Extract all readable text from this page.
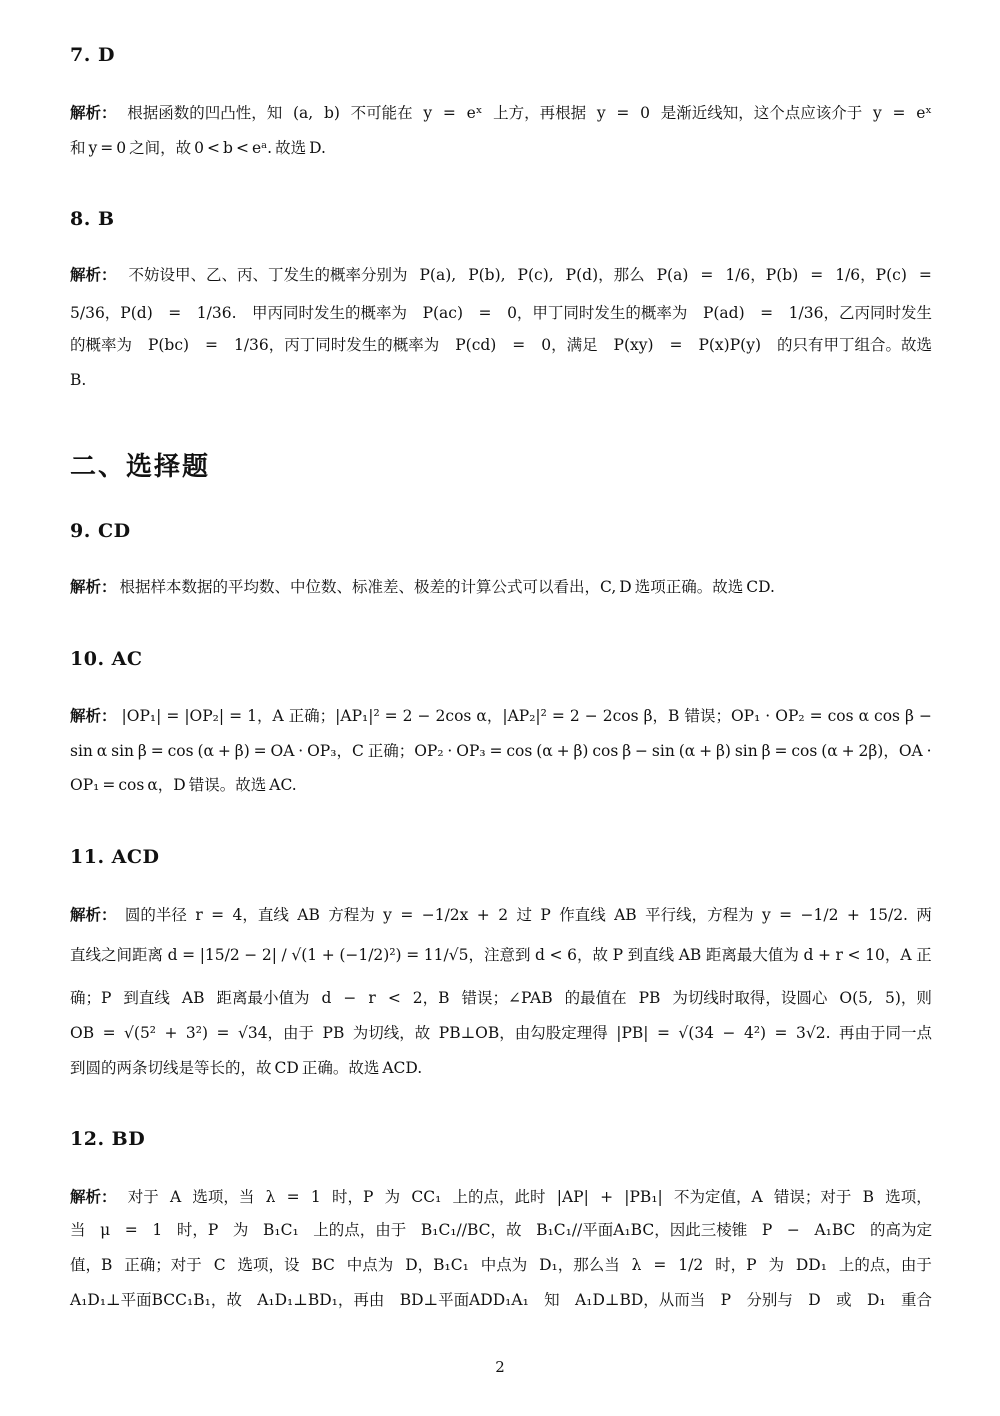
7. D
解析： 根据函数的凹凸性，知 (a, b) 不可能在 y = eˣ 上方，再根据 y = 0 是渐近线知，这个点应该介于 y = eˣ
和 y = 0 之间，故 0 < b < eᵃ. 故选 D.
8. B
解析： 不妨设甲、乙、丙、丁发生的概率分别为 P(a), P(b), P(c), P(d)，那么 P(a) = 1/6，P(b) = 1/6，P(c) =
5/36，P(d) = 1/36. 甲丙同时发生的概率为 P(ac) = 0，甲丁同时发生的概率为 P(ad) = 1/36，乙丙同时发生
的概率为 P(bc) = 1/36，丙丁同时发生的概率为 P(cd) = 0，满足 P(xy) = P(x)P(y) 的只有甲丁组合。故选
B.
二、选择题
9. CD
解析： 根据样本数据的平均数、中位数、标准差、极差的计算公式可以看出，C, D 选项正确。故选 CD.
10. AC
解析： |OP₁| = |OP₂| = 1，A 正确；|AP₁|² = 2 − 2cos α，|AP₂|² = 2 − 2cos β，B 错误；OP₁ · OP₂ = cos α cos β −
sin α sin β = cos (α + β) = OA · OP₃，C 正确；OP₂ · OP₃ = cos (α + β) cos β − sin (α + β) sin β = cos (α + 2β)，OA ·
OP₁ = cos α，D 错误。故选 AC.
11. ACD
解析： 圆的半径 r = 4，直线 AB 方程为 y = −1/2x + 2 过 P 作直线 AB 平行线，方程为 y = −1/2 + 15/2. 两
直线之间距离 d = |15/2 − 2| / √(1 + (−1/2)²) = 11/√5，注意到 d < 6，故 P 到直线 AB 距离最大值为 d + r < 10，A 正
确；P 到直线 AB 距离最小值为 d − r < 2，B 错误；∠PAB 的最值在 PB 为切线时取得，设圆心 O(5, 5)，则
OB = √(5² + 3²) = √34，由于 PB 为切线，故 PB⊥OB，由勾股定理得 |PB| = √(34 − 4²) = 3√2. 再由于同一点
到圆的两条切线是等长的，故 CD 正确。故选 ACD.
12. BD
解析： 对于 A 选项，当 λ = 1 时，P 为 CC₁ 上的点，此时 |AP| + |PB₁| 不为定值，A 错误；对于 B 选项，
当 μ = 1 时，P 为 B₁C₁ 上的点，由于 B₁C₁//BC，故 B₁C₁//平面A₁BC，因此三棱锥 P − A₁BC 的高为定
值，B 正确；对于 C 选项，设 BC 中点为 D，B₁C₁ 中点为 D₁，那么当 λ = 1/2 时，P 为 DD₁ 上的点，由于
A₁D₁⊥平面BCC₁B₁，故 A₁D₁⊥BD₁，再由 BD⊥平面ADD₁A₁ 知 A₁D⊥BD，从而当 P 分别与 D 或 D₁ 重合
2
